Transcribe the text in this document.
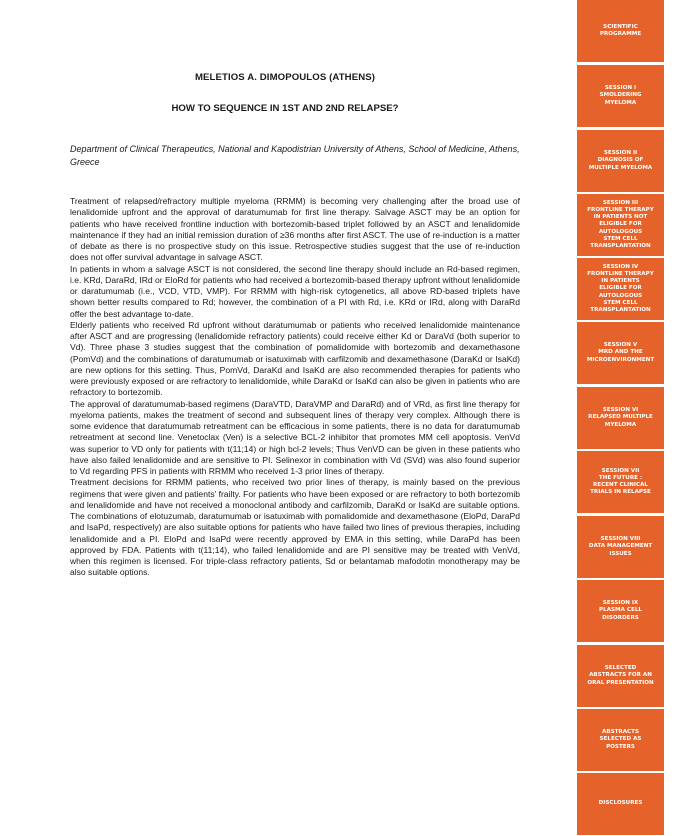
MELETIOS A. DIMOPOULOS (ATHENS)
HOW TO SEQUENCE IN 1ST AND 2ND RELAPSE?
Department of Clinical Therapeutics, National and Kapodistrian University of Athens, School of Medicine, Athens, Greece

Treatment of relapsed/refractory multiple myeloma (RRMM) is becoming very challenging after the broad use of lenalidomide upfront and the approval of daratumumab for first line therapy. Salvage ASCT may be an option for patients who have received frontline induction with bortezomib-based triplet followed by an ASCT and lenalidomide maintenance if they had an initial remission duration of ≥36 months after first ASCT. The use of re-induction is a matter of debate as there is no prospective study on this issue. Retrospective studies suggest that the use of re-induction does not offer survival advantage in salvage ASCT.

In patients in whom a salvage ASCT is not considered, the second line therapy should include an Rd-based regimen, i.e. KRd, DaraRd, IRd or EloRd for patients who had received a bortezomib-based therapy upfront without lenalidomide or daratumumab (i.e., VCD, VTD, VMP). For RRMM with high-risk cytogenetics, all above RD-based triplets have shown better results compared to Rd; however, the combination of a PI with Rd, i.e. KRd or IRd, along with DaraRd offer the best advantage to-date.

Elderly patients who received Rd upfront without daratumumab or patients who received lenalidomide maintenance after ASCT and are progressing (lenalidomide refractory patients) could receive either Kd or DaraVd (both superior to Vd). Three phase 3 studies suggest that the combination of pomalidomide with bortezomib and dexamethasone (PomVd) and the combinations of daratumumab or isatuximab with carfilzomib and dexamethasone (DaraKd or IsaKd) are new options for this setting. Thus, PomVd, DaraKd and IsaKd are also recommended therapies for patients who were previously exposed or are refractory to lenalidomide, while DaraKd or IsaKd can also be given in patients who are refractory to bortezomib.

The approval of daratumumab-based regimens (DaraVTD, DaraVMP and DaraRd) and of VRd, as first line therapy for myeloma patients, makes the treatment of second and subsequent lines of therapy very complex. Although there is some evidence that daratumumab retreatment can be efficacious in some patients, there is no data for daratumumab retreatment at second line. Venetoclax (Ven) is a selective BCL-2 inhibitor that promotes MM cell apoptosis. VenVd was superior to VD only for patients with t(11;14) or high bcl-2 levels; Thus VenVD can be given in these patients who have also failed lenalidomide and are sensitive to PI. Selinexor in combination with Vd (SVd) was also found superior to Vd regarding PFS in patients with RRMM who received 1-3 prior lines of therapy.

Treatment decisions for RRMM patients, who received two prior lines of therapy, is mainly based on the previous regimens that were given and patients’ frailty. For patients who have been exposed or are refractory to both bortezomib and lenalidomide and have not received a monoclonal antibody and carfilzomib, DaraKd or IsaKd are suitable options. The combinations of elotuzumab, daratumumab or isatuximab with pomalidomide and dexamethasone (EloPd, DaraPd and IsaPd, respectively) are also suitable options for patients who have failed two lines of previous therapies, including lenalidomide and a PI. EloPd and IsaPd were recently approved by EMA in this setting, while DaraPd has been approved by FDA. Patients with t(11;14), who failed lenalidomide and are PI sensitive may be treated with VenVd, when this regimen is licensed. For triple-class refractory patients, Sd or belantamab mafodotin monotherapy may be also suitable options.

SCIENTIFIC
PROGRAMME
SESSION I
SMOLDERING
MYELOMA
SESSION II
DIAGNOSIS OF
MULTIPLE MYELOMA
SESSION III
FRONTLINE THERAPY
IN PATIENTS NOT
ELIGIBLE FOR
AUTOLOGOUS
STEM CELL
TRANSPLANTATION
SESSION IV
FRONTLINE THERAPY
IN PATIENTS
ELIGIBLE FOR
AUTOLOGOUS
STEM CELL
TRANSPLANTATION
SESSION V
MRD AND THE
MICROENVIRONMENT
SESSION VI
RELAPSED MULTIPLE
MYELOMA
SESSION VII
THE FUTURE :
RECENT CLINICAL
TRIALS IN RELAPSE
SESSION VIII
DATA MANAGEMENT
ISSUES
SESSION IX
PLASMA CELL
DISORDERS
SELECTED
ABSTRACTS FOR AN
ORAL PRESENTATION
ABSTRACTS
SELECTED AS
POSTERS
DISCLOSURES
